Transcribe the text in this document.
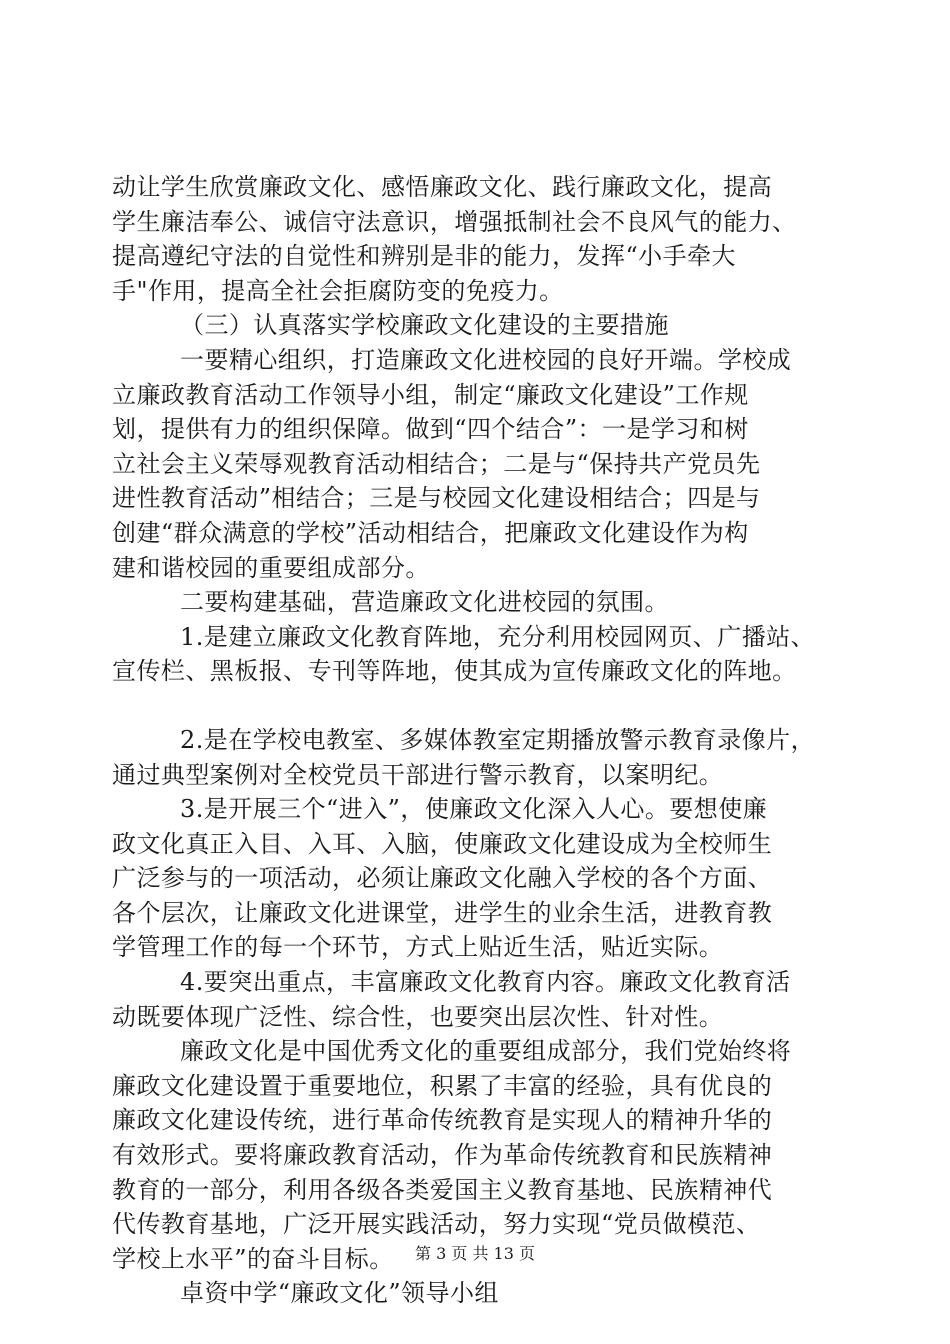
动让学生欣赏廉政文化、感悟廉政文化、践行廉政文化，提高
学生廉洁奉公、诚信守法意识，增强抵制社会不良风气的能力、
提高遵纪守法的自觉性和辨别是非的能力，发挥“小手牵大
手"作用，提高全社会拒腐防变的免疫力。
（三）认真落实学校廉政文化建设的主要措施
一要精心组织，打造廉政文化进校园的良好开端。学校成
立廉政教育活动工作领导小组，制定“廉政文化建设”工作规
划，提供有力的组织保障。做到“四个结合”：一是学习和树
立社会主义荣辱观教育活动相结合；二是与“保持共产党员先
进性教育活动”相结合；三是与校园文化建设相结合；四是与
创建“群众满意的学校”活动相结合，把廉政文化建设作为构
建和谐校园的重要组成部分。
二要构建基础，营造廉政文化进校园的氛围。
1.是建立廉政文化教育阵地，充分利用校园网页、广播站、
宣传栏、黑板报、专刊等阵地，使其成为宣传廉政文化的阵地。
2.是在学校电教室、多媒体教室定期播放警示教育录像片，
通过典型案例对全校党员干部进行警示教育，以案明纪。
3.是开展三个“进入”，使廉政文化深入人心。要想使廉
政文化真正入目、入耳、入脑，使廉政文化建设成为全校师生
广泛参与的一项活动，必须让廉政文化融入学校的各个方面、
各个层次，让廉政文化进课堂，进学生的业余生活，进教育教
学管理工作的每一个环节，方式上贴近生活，贴近实际。
4.要突出重点，丰富廉政文化教育内容。廉政文化教育活
动既要体现广泛性、综合性，也要突出层次性、针对性。
廉政文化是中国优秀文化的重要组成部分，我们党始终将
廉政文化建设置于重要地位，积累了丰富的经验，具有优良的
廉政文化建设传统，进行革命传统教育是实现人的精神升华的
有效形式。要将廉政教育活动，作为革命传统教育和民族精神
教育的一部分，利用各级各类爱国主义教育基地、民族精神代
代传教育基地，广泛开展实践活动，努力实现“党员做模范、
学校上水平”的奋斗目标。
卓资中学“廉政文化”领导小组
第 3 页 共 13 页
